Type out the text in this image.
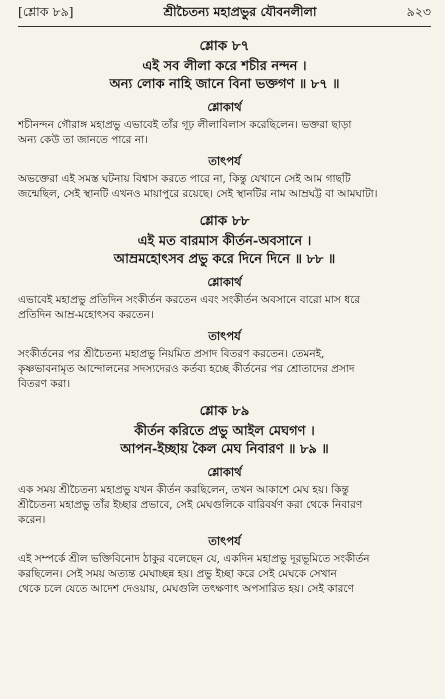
[শ্লোক ৮৯]	শ্রীচৈতন্য মহাপ্রভুর যৌবনলীলা	৯২৩
শ্লোক ৮৭
এই সব লীলা করে শচীর নন্দন ।
অন্য লোক নাহি জানে বিনা ভক্তগণ ॥ ৮৭ ॥
শ্লোকার্থ
শচীনন্দন গৌরাঙ্গ মহাপ্রভু এভাবেই তাঁর গূঢ় লীলাবিলাস করেছিলেন। ভক্তরা ছাড়া
অন্য কেউ তা জানতে পারে না।
তাৎপর্য
অভক্তেরা এই সমস্ত ঘটনায় বিশ্বাস করতে পারে না, কিন্তু যেখানে সেই আম গাছটি
জন্মেছিল, সেই স্থানটি এখনও মায়াপুরে রয়েছে। সেই স্থানটির নাম আম্রঘট্ট বা আমঘাটা।
শ্লোক ৮৮
এই মত বারমাস কীর্তন-অবসানে ।
আম্রমহোৎসব প্রভু করে দিনে দিনে ॥ ৮৮ ॥
শ্লোকার্থ
এভাবেই মহাপ্রভু প্রতিদিন সংকীর্তন করতেন এবং সংকীর্তন অবসানে বারো মাস ধরে
প্রতিদিন আম্র-মহোৎসব করতেন।
তাৎপর্য
সংকীর্তনের পর শ্রীচৈতন্য মহাপ্রভু নিয়মিত প্রসাদ বিতরণ করতেন। তেমনই,
কৃষ্ণভাবনামৃত আন্দোলনের সদস্যদেরও কর্তব্য হচ্ছে কীর্তনের পর শ্রোতাদের প্রসাদ
বিতরণ করা।
শ্লোক ৮৯
কীর্তন করিতে প্রভু আইল মেঘগণ ।
আপন-ইচ্ছায় কৈল মেঘ নিবারণ ॥ ৮৯ ॥
শ্লোকার্থ
এক সময় শ্রীচৈতন্য মহাপ্রভু যখন কীর্তন করছিলেন, তখন আকাশে মেঘ হয়। কিন্তু
শ্রীচৈতন্য মহাপ্রভু তাঁর ইচ্ছার প্রভাবে, সেই মেঘগুলিকে বারিবর্ষণ করা থেকে নিবারণ
করেন।
তাৎপর্য
এই সম্পর্কে শ্রীল ভক্তিবিনোদ ঠাকুর বলেছেন যে, একদিন মহাপ্রভু দূরভূমিতে সংকীর্তন
করছিলেন। সেই সময় অত্যন্ত মেঘাচ্ছন্ন হয়। প্রভু ইচ্ছা করে সেই মেঘকে সেখান
থেকে চলে যেতে আদেশ দেওয়ায়, মেঘগুলি তৎক্ষণাৎ অপসারিত হয়। সেই কারণে
